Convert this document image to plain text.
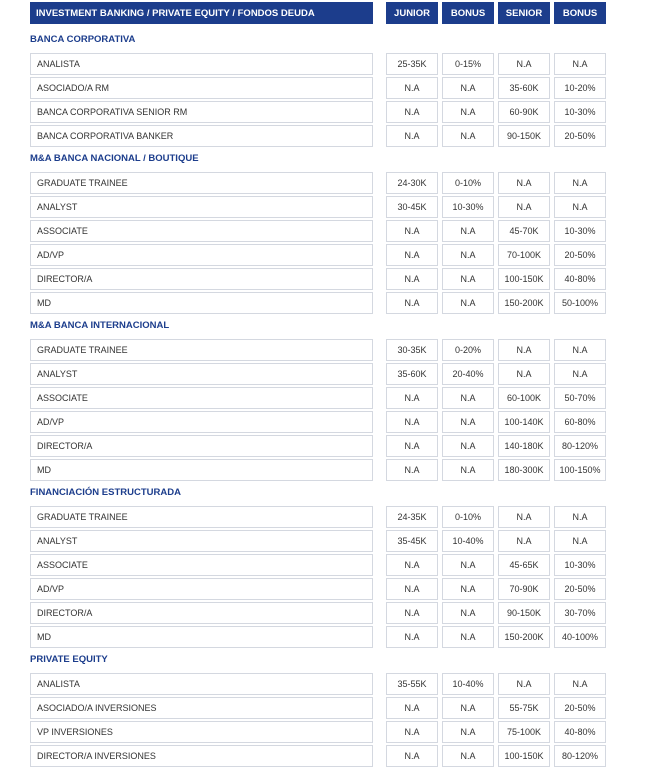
INVESTMENT BANKING / PRIVATE EQUITY / FONDOS DEUDA	JUNIOR	BONUS	SENIOR	BONUS
BANCA CORPORATIVA
ANALISTA	25-35K	0-15%	N.A	N.A
ASOCIADO/A RM	N.A	N.A	35-60K	10-20%
BANCA CORPORATIVA SENIOR RM	N.A	N.A	60-90K	10-30%
BANCA CORPORATIVA BANKER	N.A	N.A	90-150K	20-50%
M&A BANCA NACIONAL / BOUTIQUE
GRADUATE TRAINEE	24-30K	0-10%	N.A	N.A
ANALYST	30-45K	10-30%	N.A	N.A
ASSOCIATE	N.A	N.A	45-70K	10-30%
AD/VP	N.A	N.A	70-100K	20-50%
DIRECTOR/A	N.A	N.A	100-150K	40-80%
MD	N.A	N.A	150-200K	50-100%
M&A BANCA INTERNACIONAL
GRADUATE TRAINEE	30-35K	0-20%	N.A	N.A
ANALYST	35-60K	20-40%	N.A	N.A
ASSOCIATE	N.A	N.A	60-100K	50-70%
AD/VP	N.A	N.A	100-140K	60-80%
DIRECTOR/A	N.A	N.A	140-180K	80-120%
MD	N.A	N.A	180-300K	100-150%
FINANCIACIÓN ESTRUCTURADA
GRADUATE TRAINEE	24-35K	0-10%	N.A	N.A
ANALYST	35-45K	10-40%	N.A	N.A
ASSOCIATE	N.A	N.A	45-65K	10-30%
AD/VP	N.A	N.A	70-90K	20-50%
DIRECTOR/A	N.A	N.A	90-150K	30-70%
MD	N.A	N.A	150-200K	40-100%
PRIVATE EQUITY
ANALISTA	35-55K	10-40%	N.A	N.A
ASOCIADO/A INVERSIONES	N.A	N.A	55-75K	20-50%
VP INVERSIONES	N.A	N.A	75-100K	40-80%
DIRECTOR/A INVERSIONES	N.A	N.A	100-150K	80-120%
